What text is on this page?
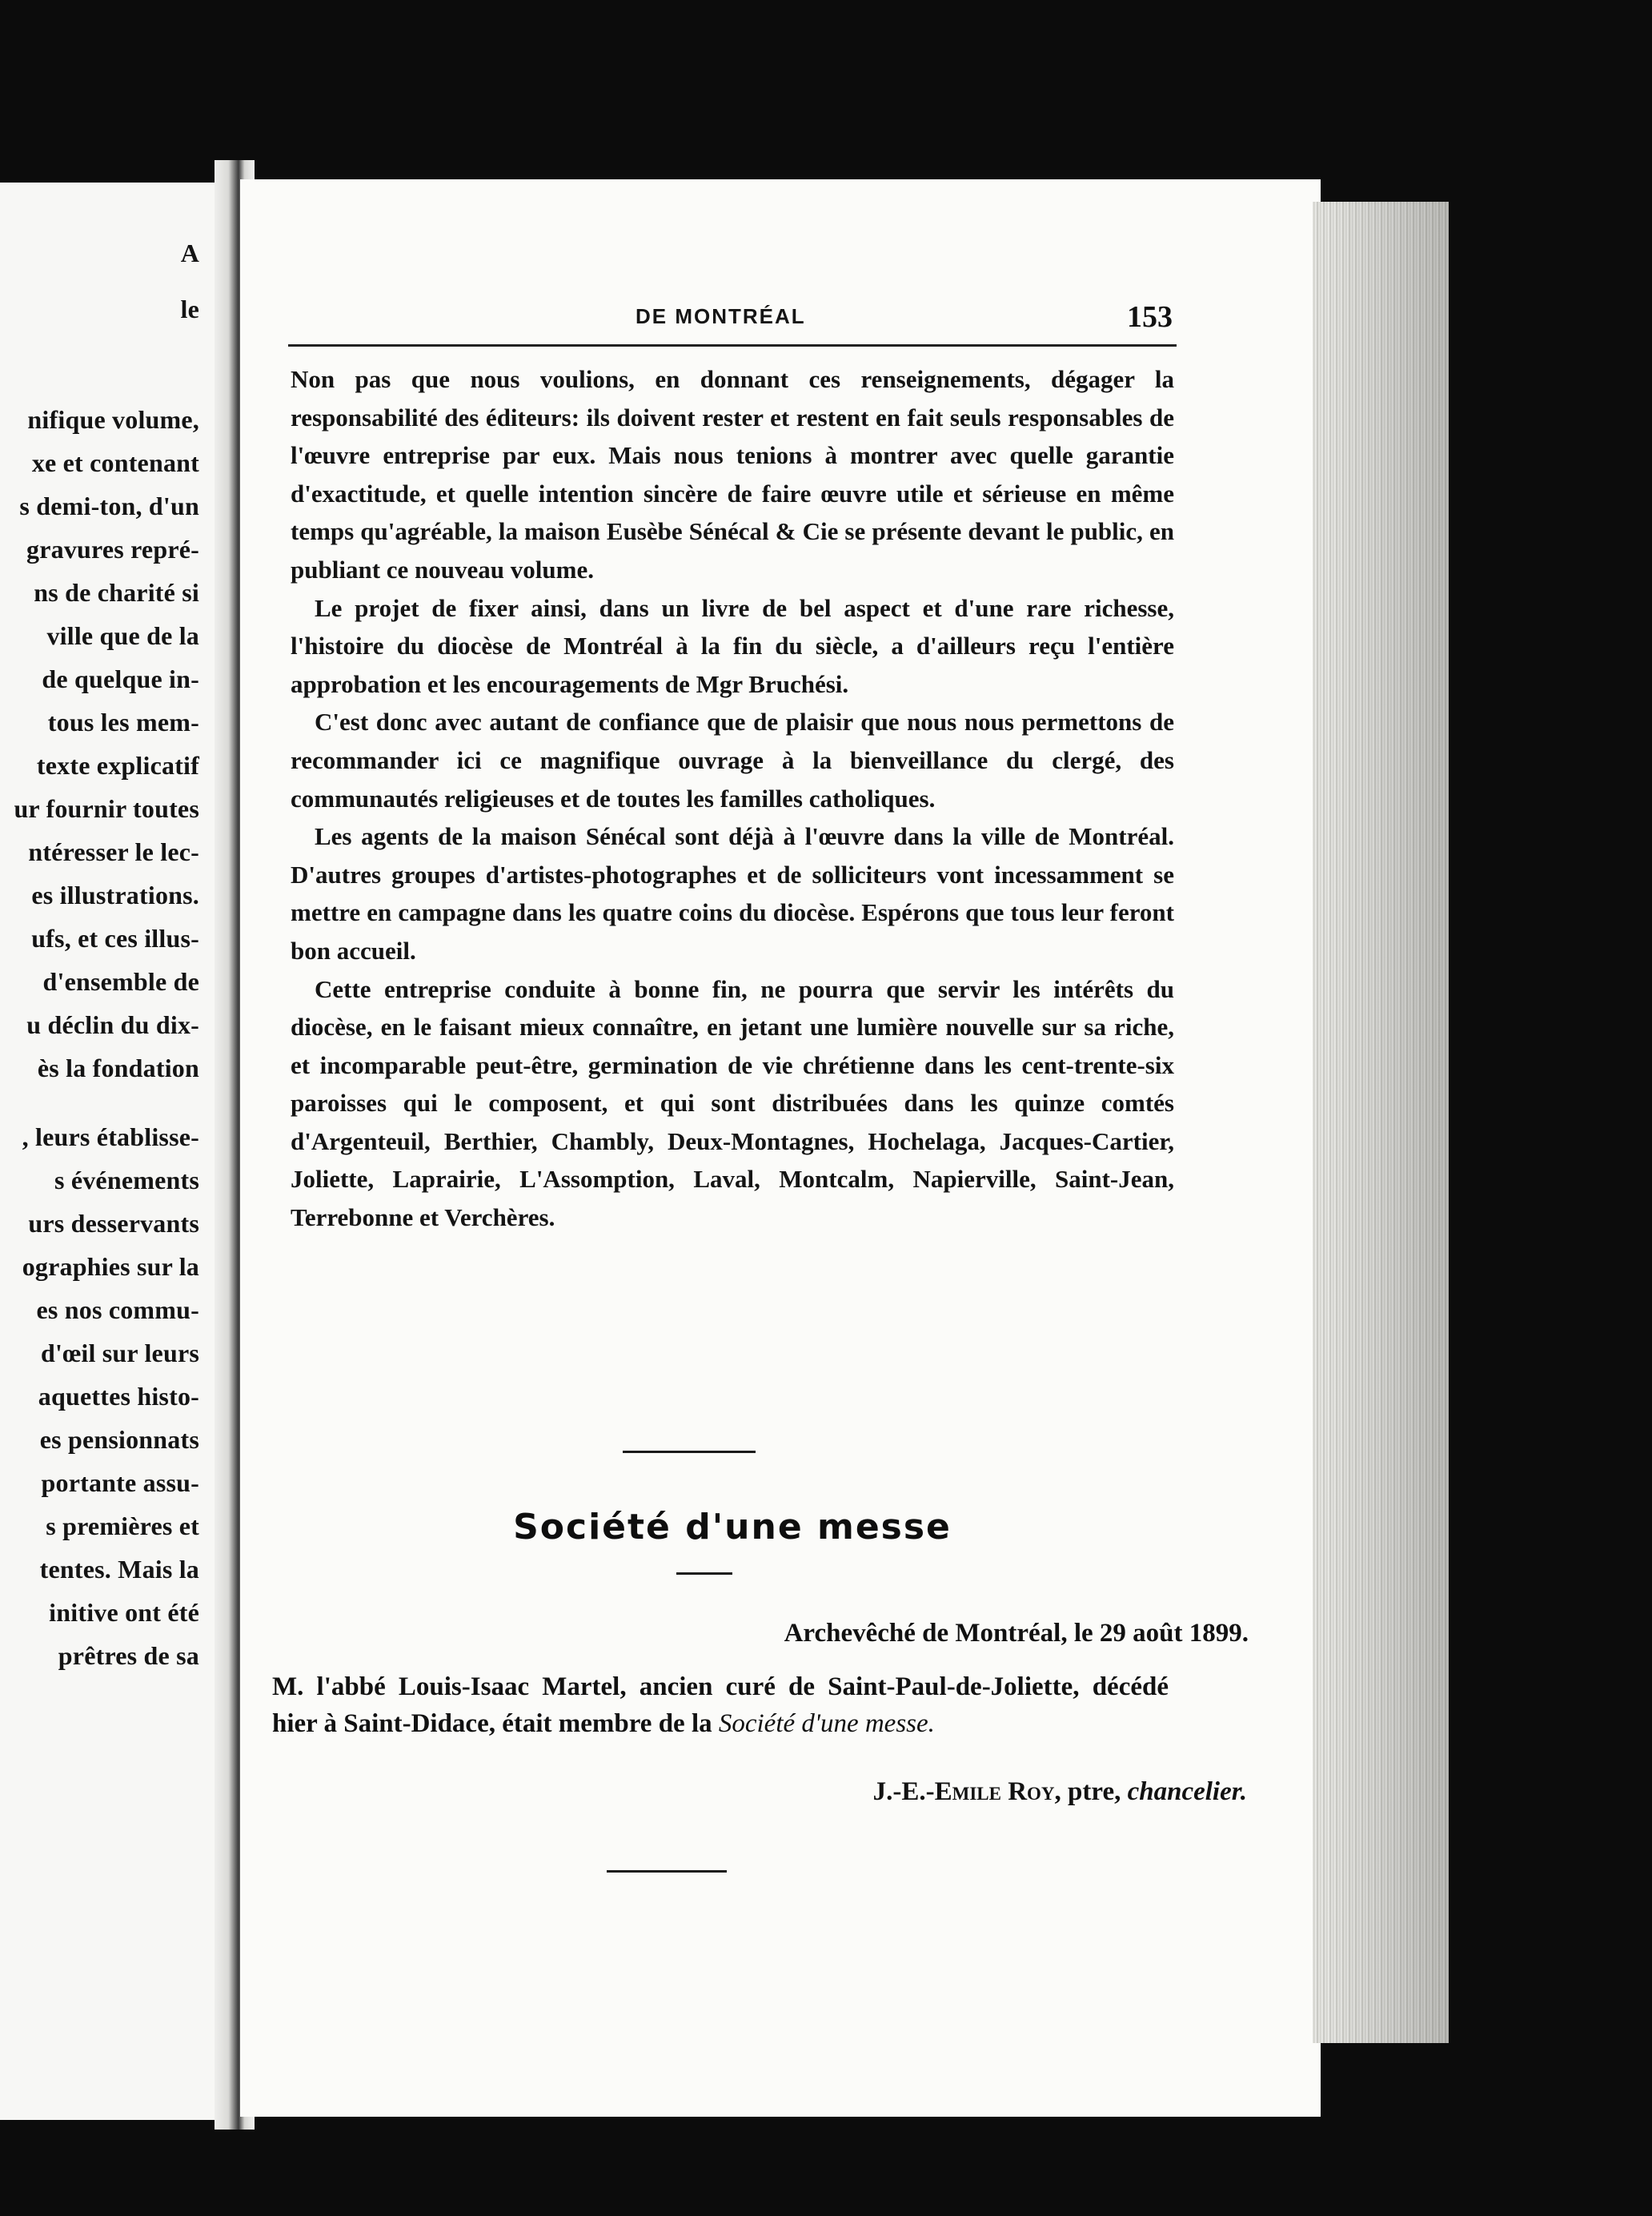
A
le
nifique volume,
xe et contenant
s demi-ton, d'un
gravures repré-
ns de charité si
ville que de la
de quelque in-
tous les mem-
texte explicatif
ur fournir toutes
ntéresser le lec-
es illustrations.
ufs, et ces illus-
d'ensemble de
u déclin du dix-
ès la fondation
, leurs établisse-
s événements
urs desservants
ographies sur la
es nos commu-
d'œil sur leurs
aquettes histo-
es pensionnats
portante assu-
s premières et
tentes. Mais la
initive ont été
prêtres de sa
DE MONTRÉAL	153

Non pas que nous voulions, en donnant ces renseignements, dégager la responsabilité des éditeurs: ils doivent rester et restent en fait seuls responsables de l'œuvre entreprise par eux. Mais nous tenions à montrer avec quelle garantie d'exactitude, et quelle intention sincère de faire œuvre utile et sérieuse en même temps qu'agréable, la maison Eusèbe Sénécal & Cie se présente devant le public, en publiant ce nouveau volume.

Le projet de fixer ainsi, dans un livre de bel aspect et d'une rare richesse, l'histoire du diocèse de Montréal à la fin du siècle, a d'ailleurs reçu l'entière approbation et les encouragements de Mgr Bruchési.

C'est donc avec autant de confiance que de plaisir que nous nous permettons de recommander ici ce magnifique ouvrage à la bienveillance du clergé, des communautés religieuses et de toutes les familles catholiques.

Les agents de la maison Sénécal sont déjà à l'œuvre dans la ville de Montréal. D'autres groupes d'artistes-photographes et de solliciteurs vont incessamment se mettre en campagne dans les quatre coins du diocèse. Espérons que tous leur feront bon accueil.

Cette entreprise conduite à bonne fin, ne pourra que servir les intérêts du diocèse, en le faisant mieux connaître, en jetant une lumière nouvelle sur sa riche, et incomparable peut-être, germination de vie chrétienne dans les cent-trente-six paroisses qui le composent, et qui sont distribuées dans les quinze comtés d'Argenteuil, Berthier, Chambly, Deux-Montagnes, Hochelaga, Jacques-Cartier, Joliette, Laprairie, L'Assomption, Laval, Montcalm, Napierville, Saint-Jean, Terrebonne et Verchères.

Société d'une messe
Archevêché de Montréal, le 29 août 1899.
M. l'abbé Louis-Isaac Martel, ancien curé de Saint-Paul-de-Joliette, décédé hier à Saint-Didace, était membre de la Société d'une messe.
J.-E.-Emile Roy, ptre, chancelier.
